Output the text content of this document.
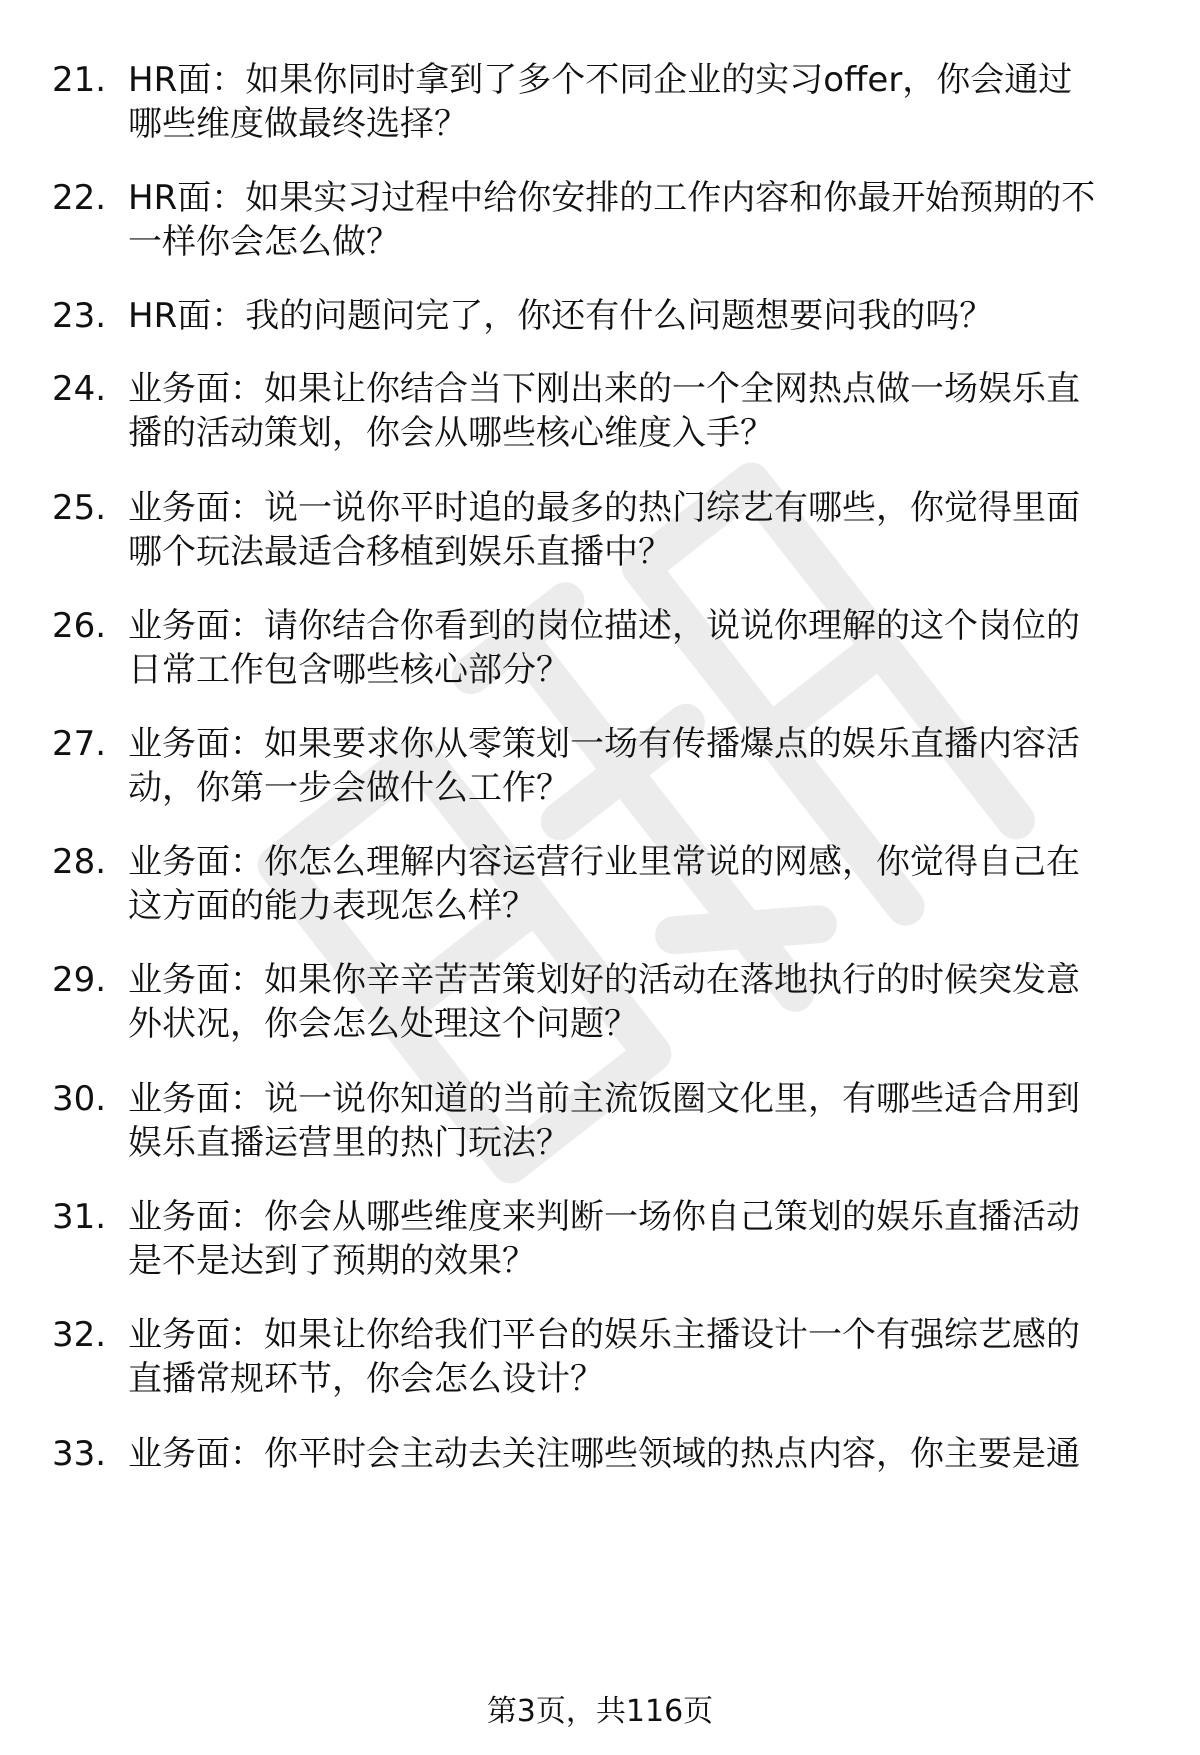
21. HR面：如果你同时拿到了多个不同企业的实习offer，你会通过
哪些维度做最终选择？
22. HR面：如果实习过程中给你安排的工作内容和你最开始预期的不
一样你会怎么做？
23. HR面：我的问题问完了，你还有什么问题想要问我的吗？
24. 业务面：如果让你结合当下刚出来的一个全网热点做一场娱乐直
播的活动策划，你会从哪些核心维度入手？
25. 业务面：说一说你平时追的最多的热门综艺有哪些，你觉得里面
哪个玩法最适合移植到娱乐直播中？
26. 业务面：请你结合你看到的岗位描述，说说你理解的这个岗位的
日常工作包含哪些核心部分？
27. 业务面：如果要求你从零策划一场有传播爆点的娱乐直播内容活
动，你第一步会做什么工作？
28. 业务面：你怎么理解内容运营行业里常说的网感，你觉得自己在
这方面的能力表现怎么样？
29. 业务面：如果你辛辛苦苦策划好的活动在落地执行的时候突发意
外状况，你会怎么处理这个问题？
30. 业务面：说一说你知道的当前主流饭圈文化里，有哪些适合用到
娱乐直播运营里的热门玩法？
31. 业务面：你会从哪些维度来判断一场你自己策划的娱乐直播活动
是不是达到了预期的效果？
32. 业务面：如果让你给我们平台的娱乐主播设计一个有强综艺感的
直播常规环节，你会怎么设计？
33. 业务面：你平时会主动去关注哪些领域的热点内容，你主要是通
第3页，共116页
